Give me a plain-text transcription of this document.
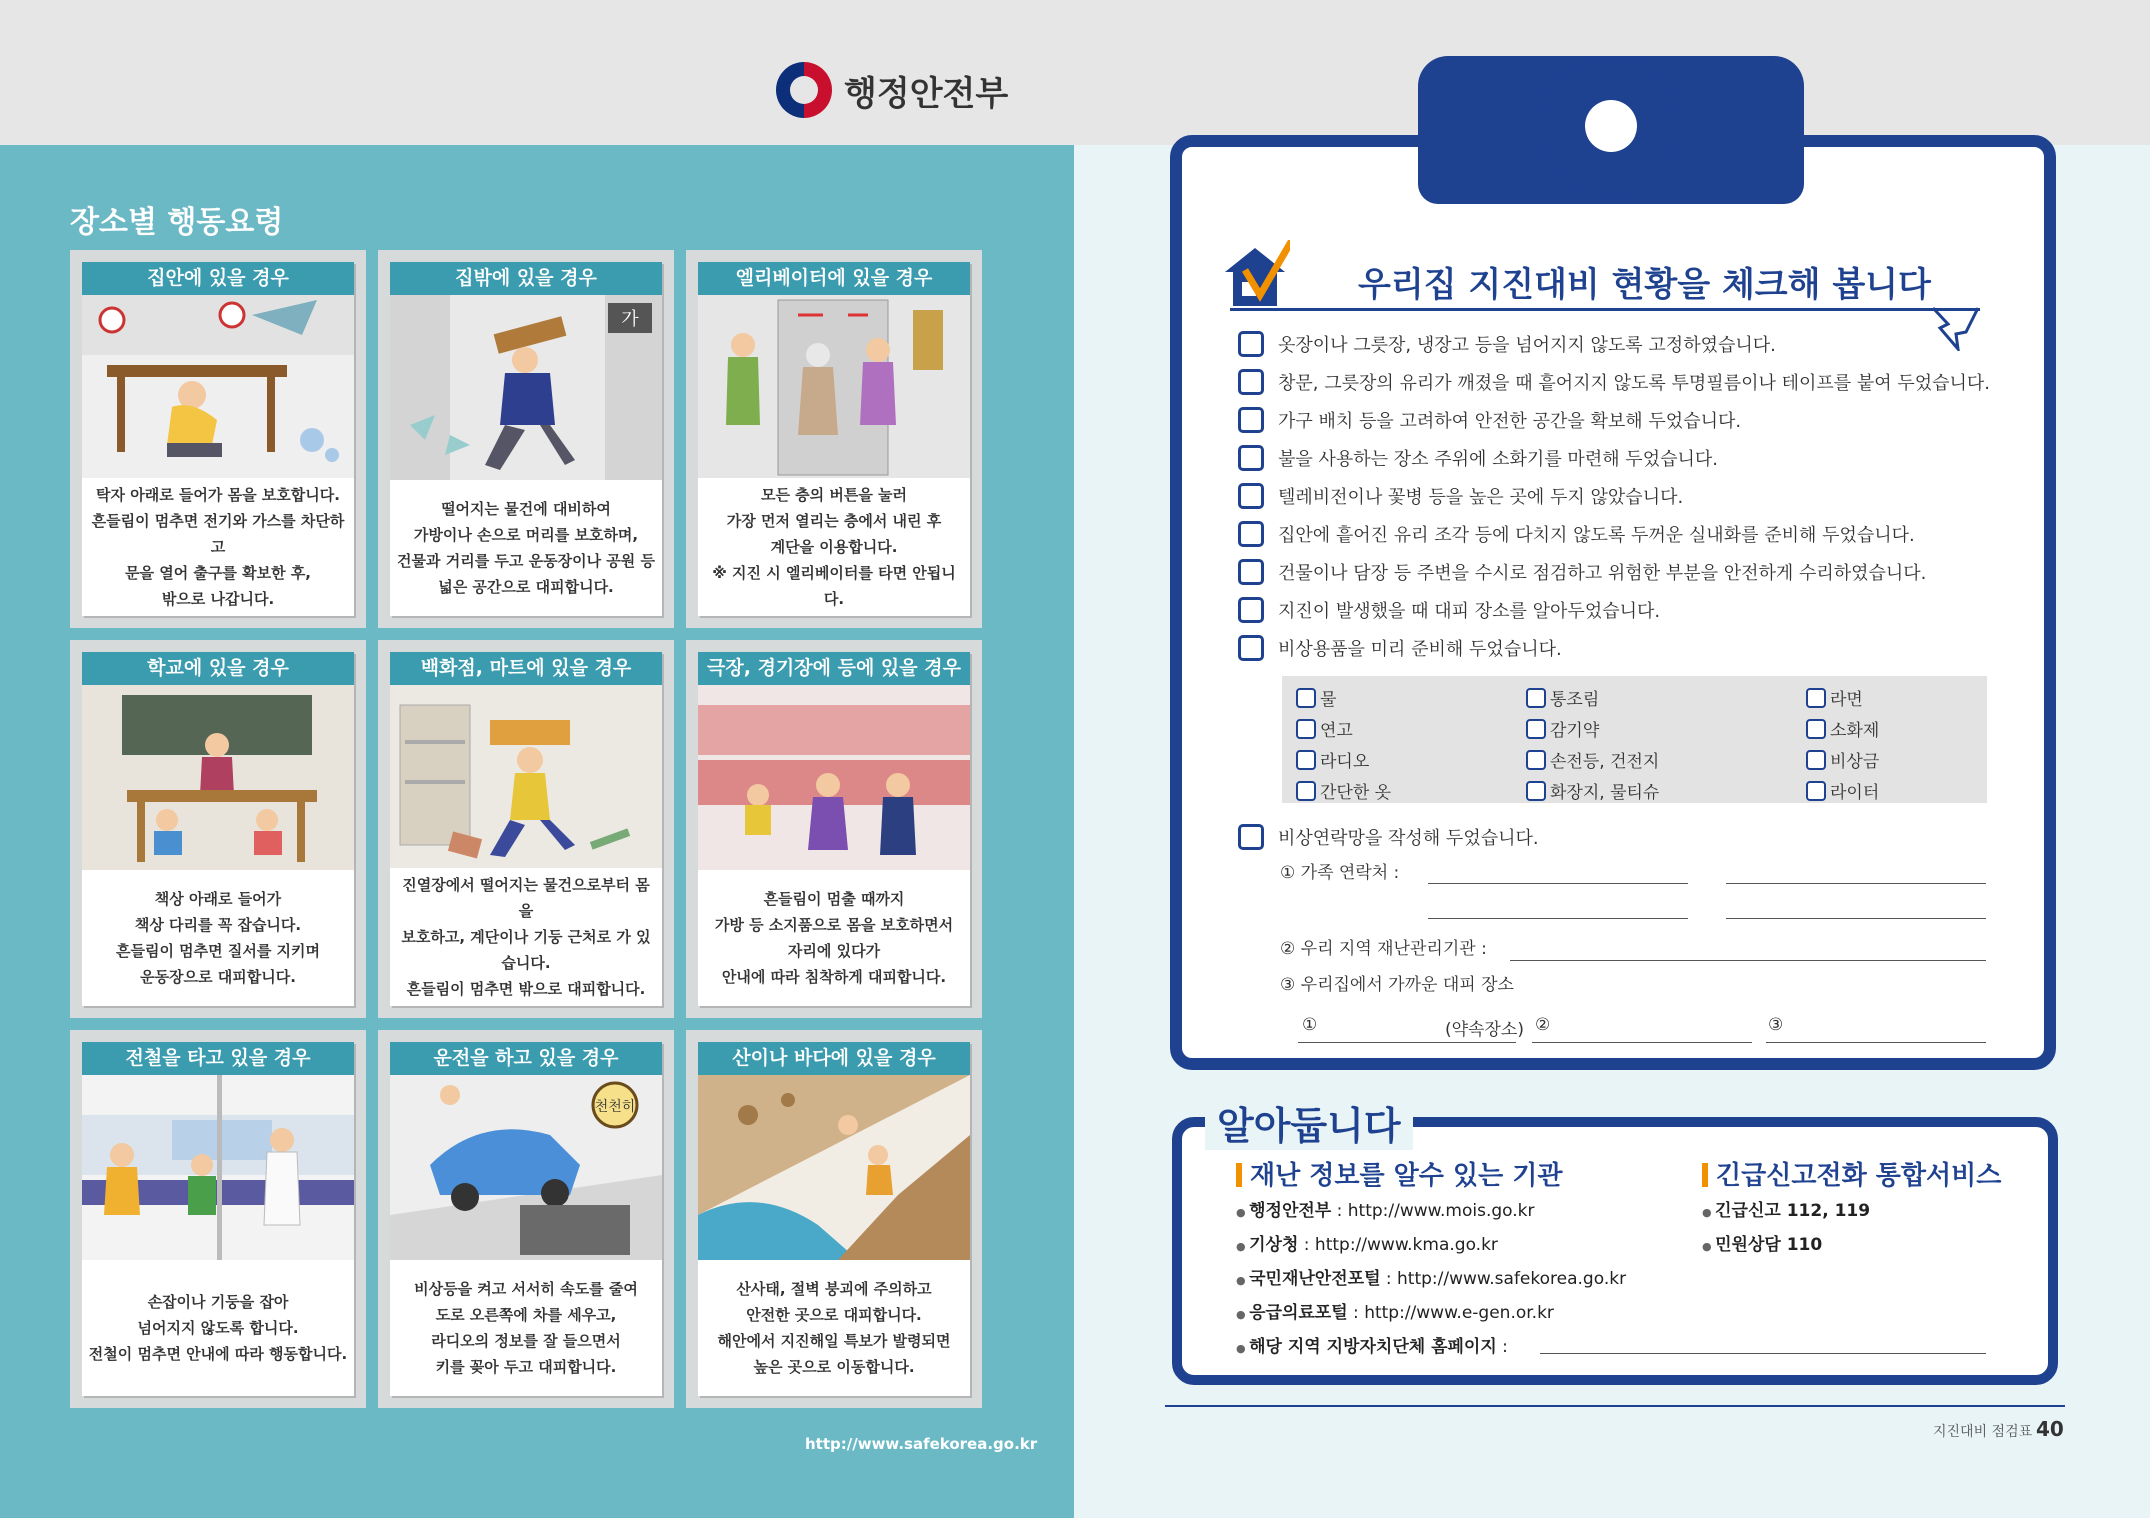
행정안전부
장소별 행동요령
집안에 있을 경우
탁자 아래로 들어가 몸을 보호합니다.
흔들림이 멈추면 전기와 가스를 차단하고
문을 열어 출구를 확보한 후,
밖으로 나갑니다.
집밖에 있을 경우
가
떨어지는 물건에 대비하여
가방이나 손으로 머리를 보호하며,
건물과 거리를 두고 운동장이나 공원 등
넓은 공간으로 대피합니다.
엘리베이터에 있을 경우
모든 층의 버튼을 눌러
가장 먼저 열리는 층에서 내린 후
계단을 이용합니다.
※ 지진 시 엘리베이터를 타면 안됩니다.
학교에 있을 경우
책상 아래로 들어가
책상 다리를 꼭 잡습니다.
흔들림이 멈추면 질서를 지키며
운동장으로 대피합니다.
백화점, 마트에 있을 경우
진열장에서 떨어지는 물건으로부터 몸을
보호하고, 계단이나 기둥 근처로 가 있습니다.
흔들림이 멈추면 밖으로 대피합니다.
극장, 경기장에 등에 있을 경우
흔들림이 멈출 때까지
가방 등 소지품으로 몸을 보호하면서
자리에 있다가
안내에 따라 침착하게 대피합니다.
전철을 타고 있을 경우
손잡이나 기둥을 잡아
넘어지지 않도록 합니다.
전철이 멈추면 안내에 따라 행동합니다.
운전을 하고 있을 경우
천천히
비상등을 켜고 서서히 속도를 줄여
도로 오른쪽에 차를 세우고,
라디오의 정보를 잘 들으면서
키를 꽂아 두고 대피합니다.
산이나 바다에 있을 경우
산사태, 절벽 붕괴에 주의하고
안전한 곳으로 대피합니다.
해안에서 지진해일 특보가 발령되면
높은 곳으로 이동합니다.
http://www.safekorea.go.kr
우리집 지진대비 현황을 체크해 봅니다
옷장이나 그릇장, 냉장고 등을 넘어지지 않도록 고정하였습니다.
창문, 그릇장의 유리가 깨졌을 때 흩어지지 않도록 투명필름이나 테이프를 붙여 두었습니다.
가구 배치 등을 고려하여 안전한 공간을 확보해 두었습니다.
불을 사용하는 장소 주위에 소화기를 마련해 두었습니다.
텔레비전이나 꽃병 등을 높은 곳에 두지 않았습니다.
집안에 흩어진 유리 조각 등에 다치지 않도록 두꺼운 실내화를 준비해 두었습니다.
건물이나 담장 등 주변을 수시로 점검하고 위험한 부분을 안전하게 수리하였습니다.
지진이 발생했을 때 대피 장소를 알아두었습니다.
비상용품을 미리 준비해 두었습니다.
물	통조림	라면
연고	감기약	소화제
라디오	손전등, 건전지	비상금
간단한 옷	화장지, 물티슈	라이터
비상연락망을 작성해 두었습니다.
① 가족 연락처 :
② 우리 지역 재난관리기관 :
③ 우리집에서 가까운 대피 장소
①	(약속장소) ②	③
알아둡니다
재난 정보를 알수 있는 기관
● 행정안전부 : http://www.mois.go.kr
● 기상청 : http://www.kma.go.kr
● 국민재난안전포털 : http://www.safekorea.go.kr
● 응급의료포털 : http://www.e-gen.or.kr
● 해당 지역 지방자치단체 홈페이지 :
긴급신고전화 통합서비스
● 긴급신고 112, 119
● 민원상담 110
지진대비 점검표 40
